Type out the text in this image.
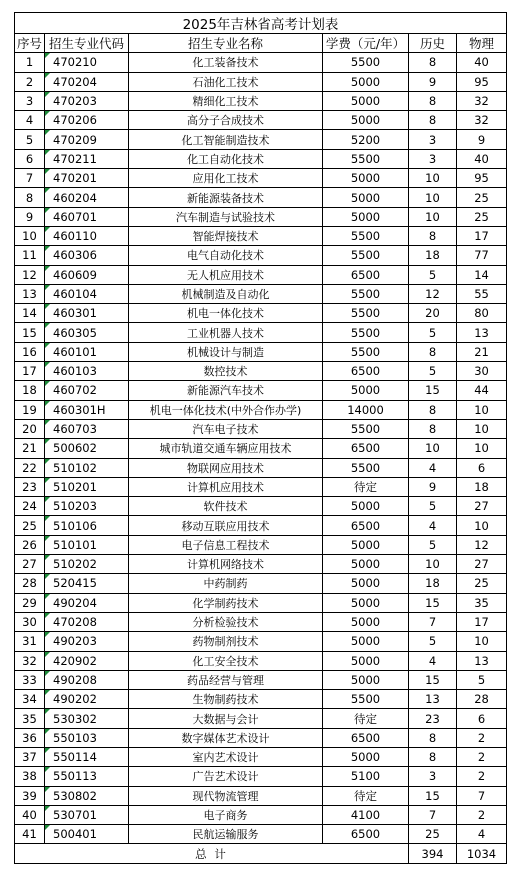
2025年吉林省高考计划表					
序号	招生专业代码	招生专业名称	学费（元/年）	历史	物理
1	470210	化工装备技术	5500	8	40
2	470204	石油化工技术	5000	9	95
3	470203	精细化工技术	5000	8	32
4	470206	高分子合成技术	5000	8	32
5	470209	化工智能制造技术	5200	3	9
6	470211	化工自动化技术	5500	3	40
7	470201	应用化工技术	5000	10	95
8	460204	新能源装备技术	5000	10	25
9	460701	汽车制造与试验技术	5000	10	25
10	460110	智能焊接技术	5500	8	17
11	460306	电气自动化技术	5500	18	77
12	460609	无人机应用技术	6500	5	14
13	460104	机械制造及自动化	5500	12	55
14	460301	机电一体化技术	5500	20	80
15	460305	工业机器人技术	5500	5	13
16	460101	机械设计与制造	5500	8	21
17	460103	数控技术	6500	5	30
18	460702	新能源汽车技术	5000	15	44
19	460301H	机电一体化技术(中外合作办学)	14000	8	10
20	460703	汽车电子技术	5500	8	10
21	500602	城市轨道交通车辆应用技术	6500	10	10
22	510102	物联网应用技术	5500	4	6
23	510201	计算机应用技术	待定	9	18
24	510203	软件技术	5000	5	27
25	510106	移动互联应用技术	6500	4	10
26	510101	电子信息工程技术	5000	5	12
27	510202	计算机网络技术	5000	10	27
28	520415	中药制药	5000	18	25
29	490204	化学制药技术	5000	15	35
30	470208	分析检验技术	5000	7	17
31	490203	药物制剂技术	5000	5	10
32	420902	化工安全技术	5000	4	13
33	490208	药品经营与管理	5000	15	5
34	490202	生物制药技术	5500	13	28
35	530302	大数据与会计	待定	23	6
36	550103	数字媒体艺术设计	6500	8	2
37	550114	室内艺术设计	5000	8	2
38	550113	广告艺术设计	5100	3	2
39	530802	现代物流管理	待定	15	7
40	530701	电子商务	4100	7	2
41	500401	民航运输服务	6500	25	4
总 计				394	1034
